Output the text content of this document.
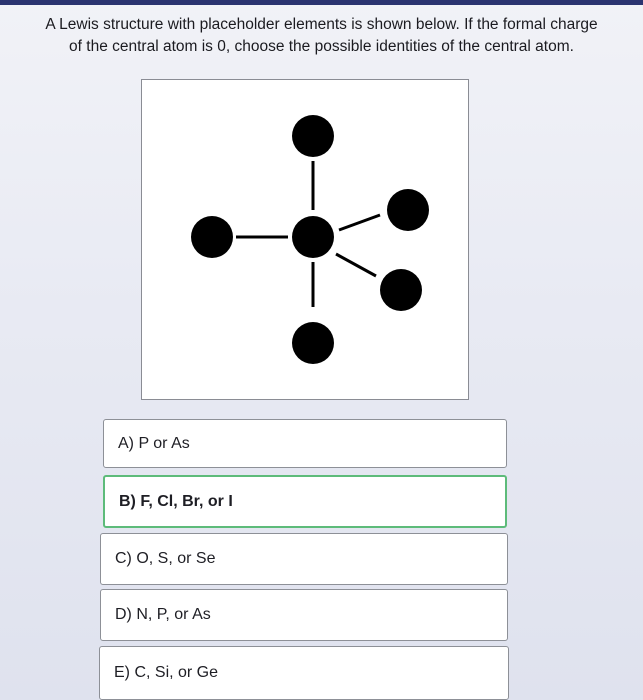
A Lewis structure with placeholder elements is shown below. If the formal charge
of the central atom is 0, choose the possible identities of the central atom.
A) P or As
B) F, Cl, Br, or I
C) O, S, or Se
D) N, P, or As
E) C, Si, or Ge
